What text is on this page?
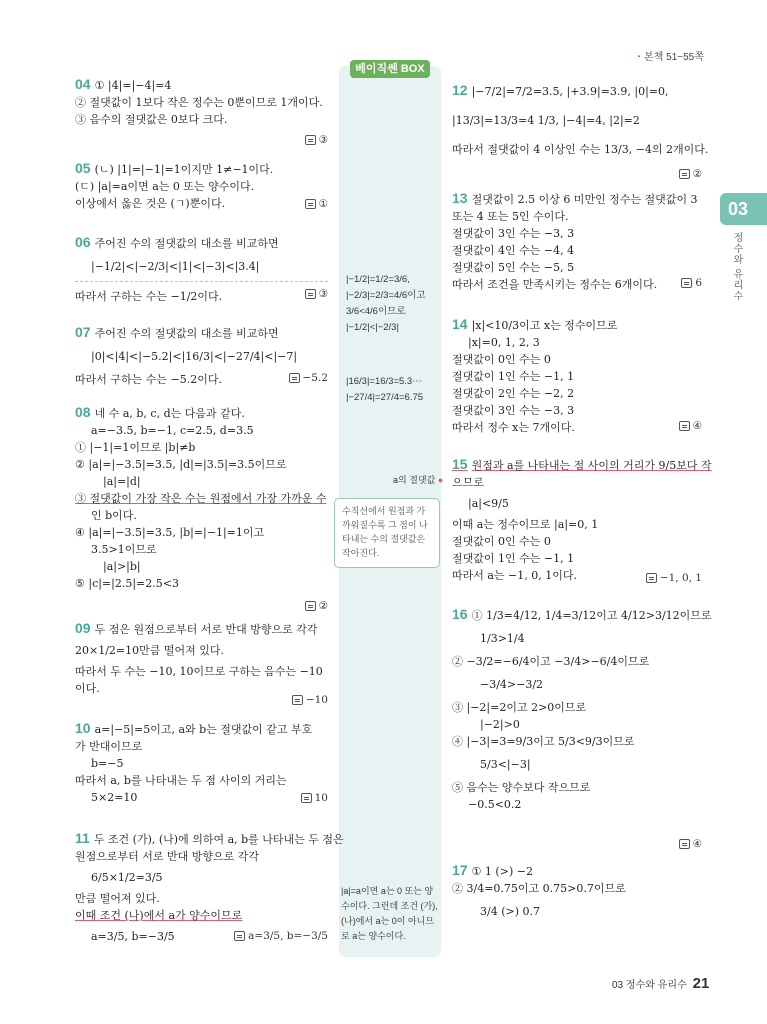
◔ 본책 51~55쪽
03
정수와 유리수
베이직쎈 BOX
|−1/2|=1/2=3/6,
|−2/3|=2/3=4/6이고
3/6<4/6이므로
|−1/2|<|−2/3|
|16/3|=16/3=5.3⋯
|−27/4|=27/4=6.75
a의 절댓값 ●
수직선에서 원점과 가까워질수록 그 점이 나타내는 수의 절댓값은 작아진다.
|a|=a이면 a는 0 또는 양수이다. 그런데 조건 (가), (나)에서 a는 0이 아니므로 a는 양수이다.
04 ① |4|=|−4|=4
② 절댓값이 1보다 작은 정수는 0뿐이므로 1개이다.
③ 음수의 절댓값은 0보다 크다.
③
05 (ㄴ) |1|=|−1|=1이지만 1≠−1이다.
(ㄷ) |a|=a이면 a는 0 또는 양수이다.
이상에서 옳은 것은 (ㄱ)뿐이다.	①
06 주어진 수의 절댓값의 대소를 비교하면
|−1/2|<|−2/3|<|1|<|−3|<|3.4|
따라서 구하는 수는 −1/2이다.	③
07 주어진 수의 절댓값의 대소를 비교하면
|0|<|4|<|−5.2|<|16/3|<|−27/4|<|−7|
따라서 구하는 수는 −5.2이다.	−5.2
08 네 수 a, b, c, d는 다음과 같다.
a=−3.5, b=−1, c=2.5, d=3.5
① |−1|=1이므로 |b|≠b
② |a|=|−3.5|=3.5, |d|=|3.5|=3.5이므로
|a|=|d|
③ 절댓값이 가장 작은 수는 원점에서 가장 가까운 수
인 b이다.
④ |a|=|−3.5|=3.5, |b|=|−1|=1이고
3.5>1이므로
|a|>|b|
⑤ |c|=|2.5|=2.5<3
②
09 두 점은 원점으로부터 서로 반대 방향으로 각각
20×1/2=10만큼 떨어져 있다.
따라서 두 수는 −10, 10이므로 구하는 음수는 −10
이다.
−10
10 a=|−5|=5이고, a와 b는 절댓값이 같고 부호
가 반대이므로
b=−5
따라서 a, b를 나타내는 두 점 사이의 거리는
5×2=10	10
11 두 조건 (가), (나)에 의하여 a, b를 나타내는 두 점은
원점으로부터 서로 반대 방향으로 각각
6/5×1/2=3/5
만큼 떨어져 있다.
이때 조건 (나)에서 a가 양수이므로
a=3/5, b=−3/5	a=3/5, b=−3/5
12 |−7/2|=7/2=3.5, |+3.9|=3.9, |0|=0,
|13/3|=13/3=4 1/3, |−4|=4, |2|=2
따라서 절댓값이 4 이상인 수는 13/3, −4의 2개이다.
②
13 절댓값이 2.5 이상 6 미만인 정수는 절댓값이 3
또는 4 또는 5인 수이다.
절댓값이 3인 수는 −3, 3
절댓값이 4인 수는 −4, 4
절댓값이 5인 수는 −5, 5
따라서 조건을 만족시키는 정수는 6개이다.	6
14 |x|<10/3이고 x는 정수이므로
|x|=0, 1, 2, 3
절댓값이 0인 수는 0
절댓값이 1인 수는 −1, 1
절댓값이 2인 수는 −2, 2
절댓값이 3인 수는 −3, 3
따라서 정수 x는 7개이다.	④
15 원점과 a를 나타내는 점 사이의 거리가 9/5보다 작
으므로
|a|<9/5
이때 a는 정수이므로 |a|=0, 1
절댓값이 0인 수는 0
절댓값이 1인 수는 −1, 1
따라서 a는 −1, 0, 1이다.	−1, 0, 1
16 ① 1/3=4/12, 1/4=3/12이고 4/12>3/12이므로
1/3>1/4
② −3/2=−6/4이고 −3/4>−6/4이므로
−3/4>−3/2
③ |−2|=2이고 2>0이므로
|−2|>0
④ |−3|=3=9/3이고 5/3<9/3이므로
5/3<|−3|
⑤ 음수는 양수보다 작으므로
−0.5<0.2
④
17 ① 1 (>) −2
② 3/4=0.75이고 0.75>0.7이므로
3/4 (>) 0.7
03 정수와 유리수 21
